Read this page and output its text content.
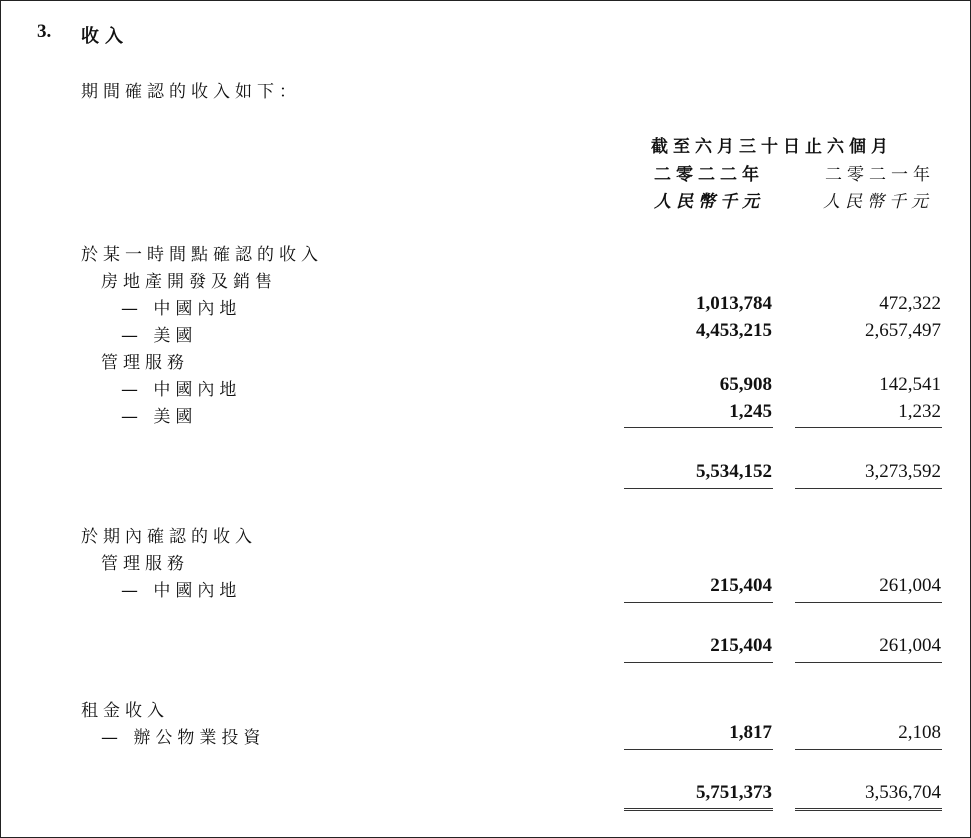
3. 收入
期間確認的收入如下：
截至六月三十日止六個月
二零二二年	二零二一年
人民幣千元	人民幣千元
於某一時間點確認的收入
房地產開發及銷售
— 中國內地	1,013,784	472,322
— 美國	4,453,215	2,657,497
管理服務
— 中國內地	65,908	142,541
— 美國	1,245	1,232
5,534,152	3,273,592
於期內確認的收入
管理服務
— 中國內地	215,404	261,004
215,404	261,004
租金收入
— 辦公物業投資	1,817	2,108
5,751,373	3,536,704
